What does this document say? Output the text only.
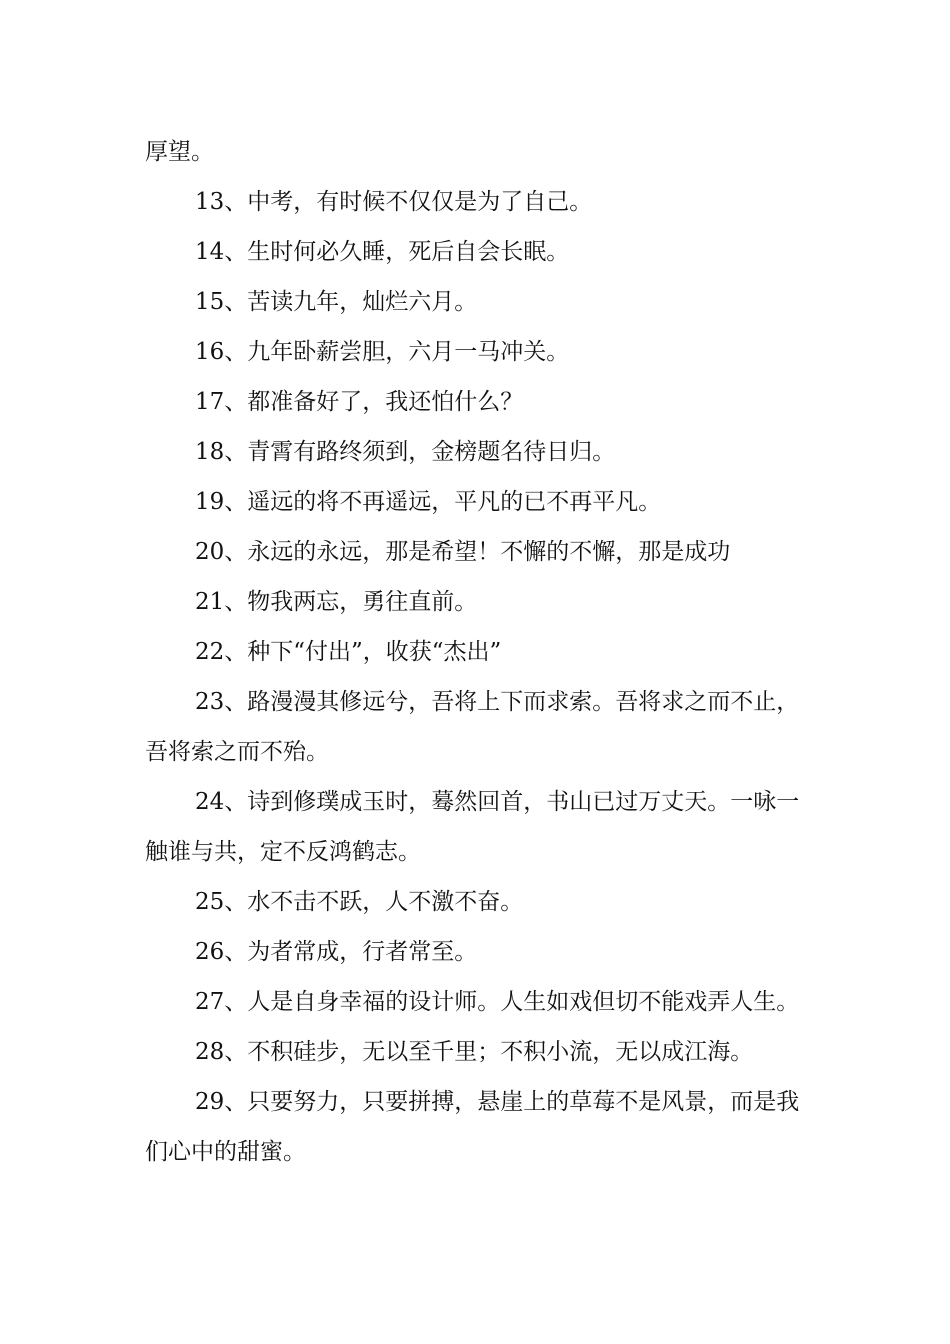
厚望。

13、中考，有时候不仅仅是为了自己。

14、生时何必久睡，死后自会长眠。

15、苦读九年，灿烂六月。

16、九年卧薪尝胆，六月一马冲关。

17、都准备好了，我还怕什么？

18、青霄有路终须到，金榜题名待日归。

19、遥远的将不再遥远，平凡的已不再平凡。

20、永远的永远，那是希望！不懈的不懈，那是成功

21、物我两忘，勇往直前。

22、种下“付出”，收获“杰出”

23、路漫漫其修远兮，吾将上下而求索。吾将求之而不止，吾将索之而不殆。

24、诗到修璞成玉时，蓦然回首，书山已过万丈天。一咏一触谁与共，定不反鸿鹤志。

25、水不击不跃，人不激不奋。

26、为者常成，行者常至。

27、人是自身幸福的设计师。人生如戏但切不能戏弄人生。

28、不积硅步，无以至千里；不积小流，无以成江海。

29、只要努力，只要拼搏，悬崖上的草莓不是风景，而是我们心中的甜蜜。
